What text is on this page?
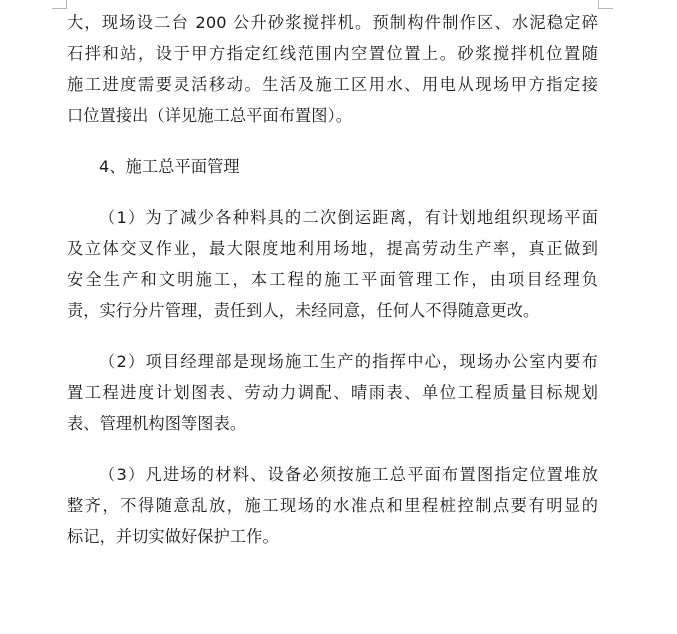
大，现场设二台 200 公升砂浆搅拌机。预制构件制作区、水泥稳定碎
石拌和站，设于甲方指定红线范围内空置位置上。砂浆搅拌机位置随
施工进度需要灵活移动。生活及施工区用水、用电从现场甲方指定接
口位置接出（详见施工总平面布置图）。

4、施工总平面管理

（1）为了减少各种料具的二次倒运距离，有计划地组织现场平面
及立体交叉作业，最大限度地利用场地，提高劳动生产率，真正做到
安全生产和文明施工，本工程的施工平面管理工作，由项目经理负
责，实行分片管理，责任到人，未经同意，任何人不得随意更改。

（2）项目经理部是现场施工生产的指挥中心，现场办公室内要布
置工程进度计划图表、劳动力调配、晴雨表、单位工程质量目标规划
表、管理机构图等图表。

（3）凡进场的材料、设备必须按施工总平面布置图指定位置堆放
整齐，不得随意乱放，施工现场的水准点和里程桩控制点要有明显的
标记，并切实做好保护工作。
